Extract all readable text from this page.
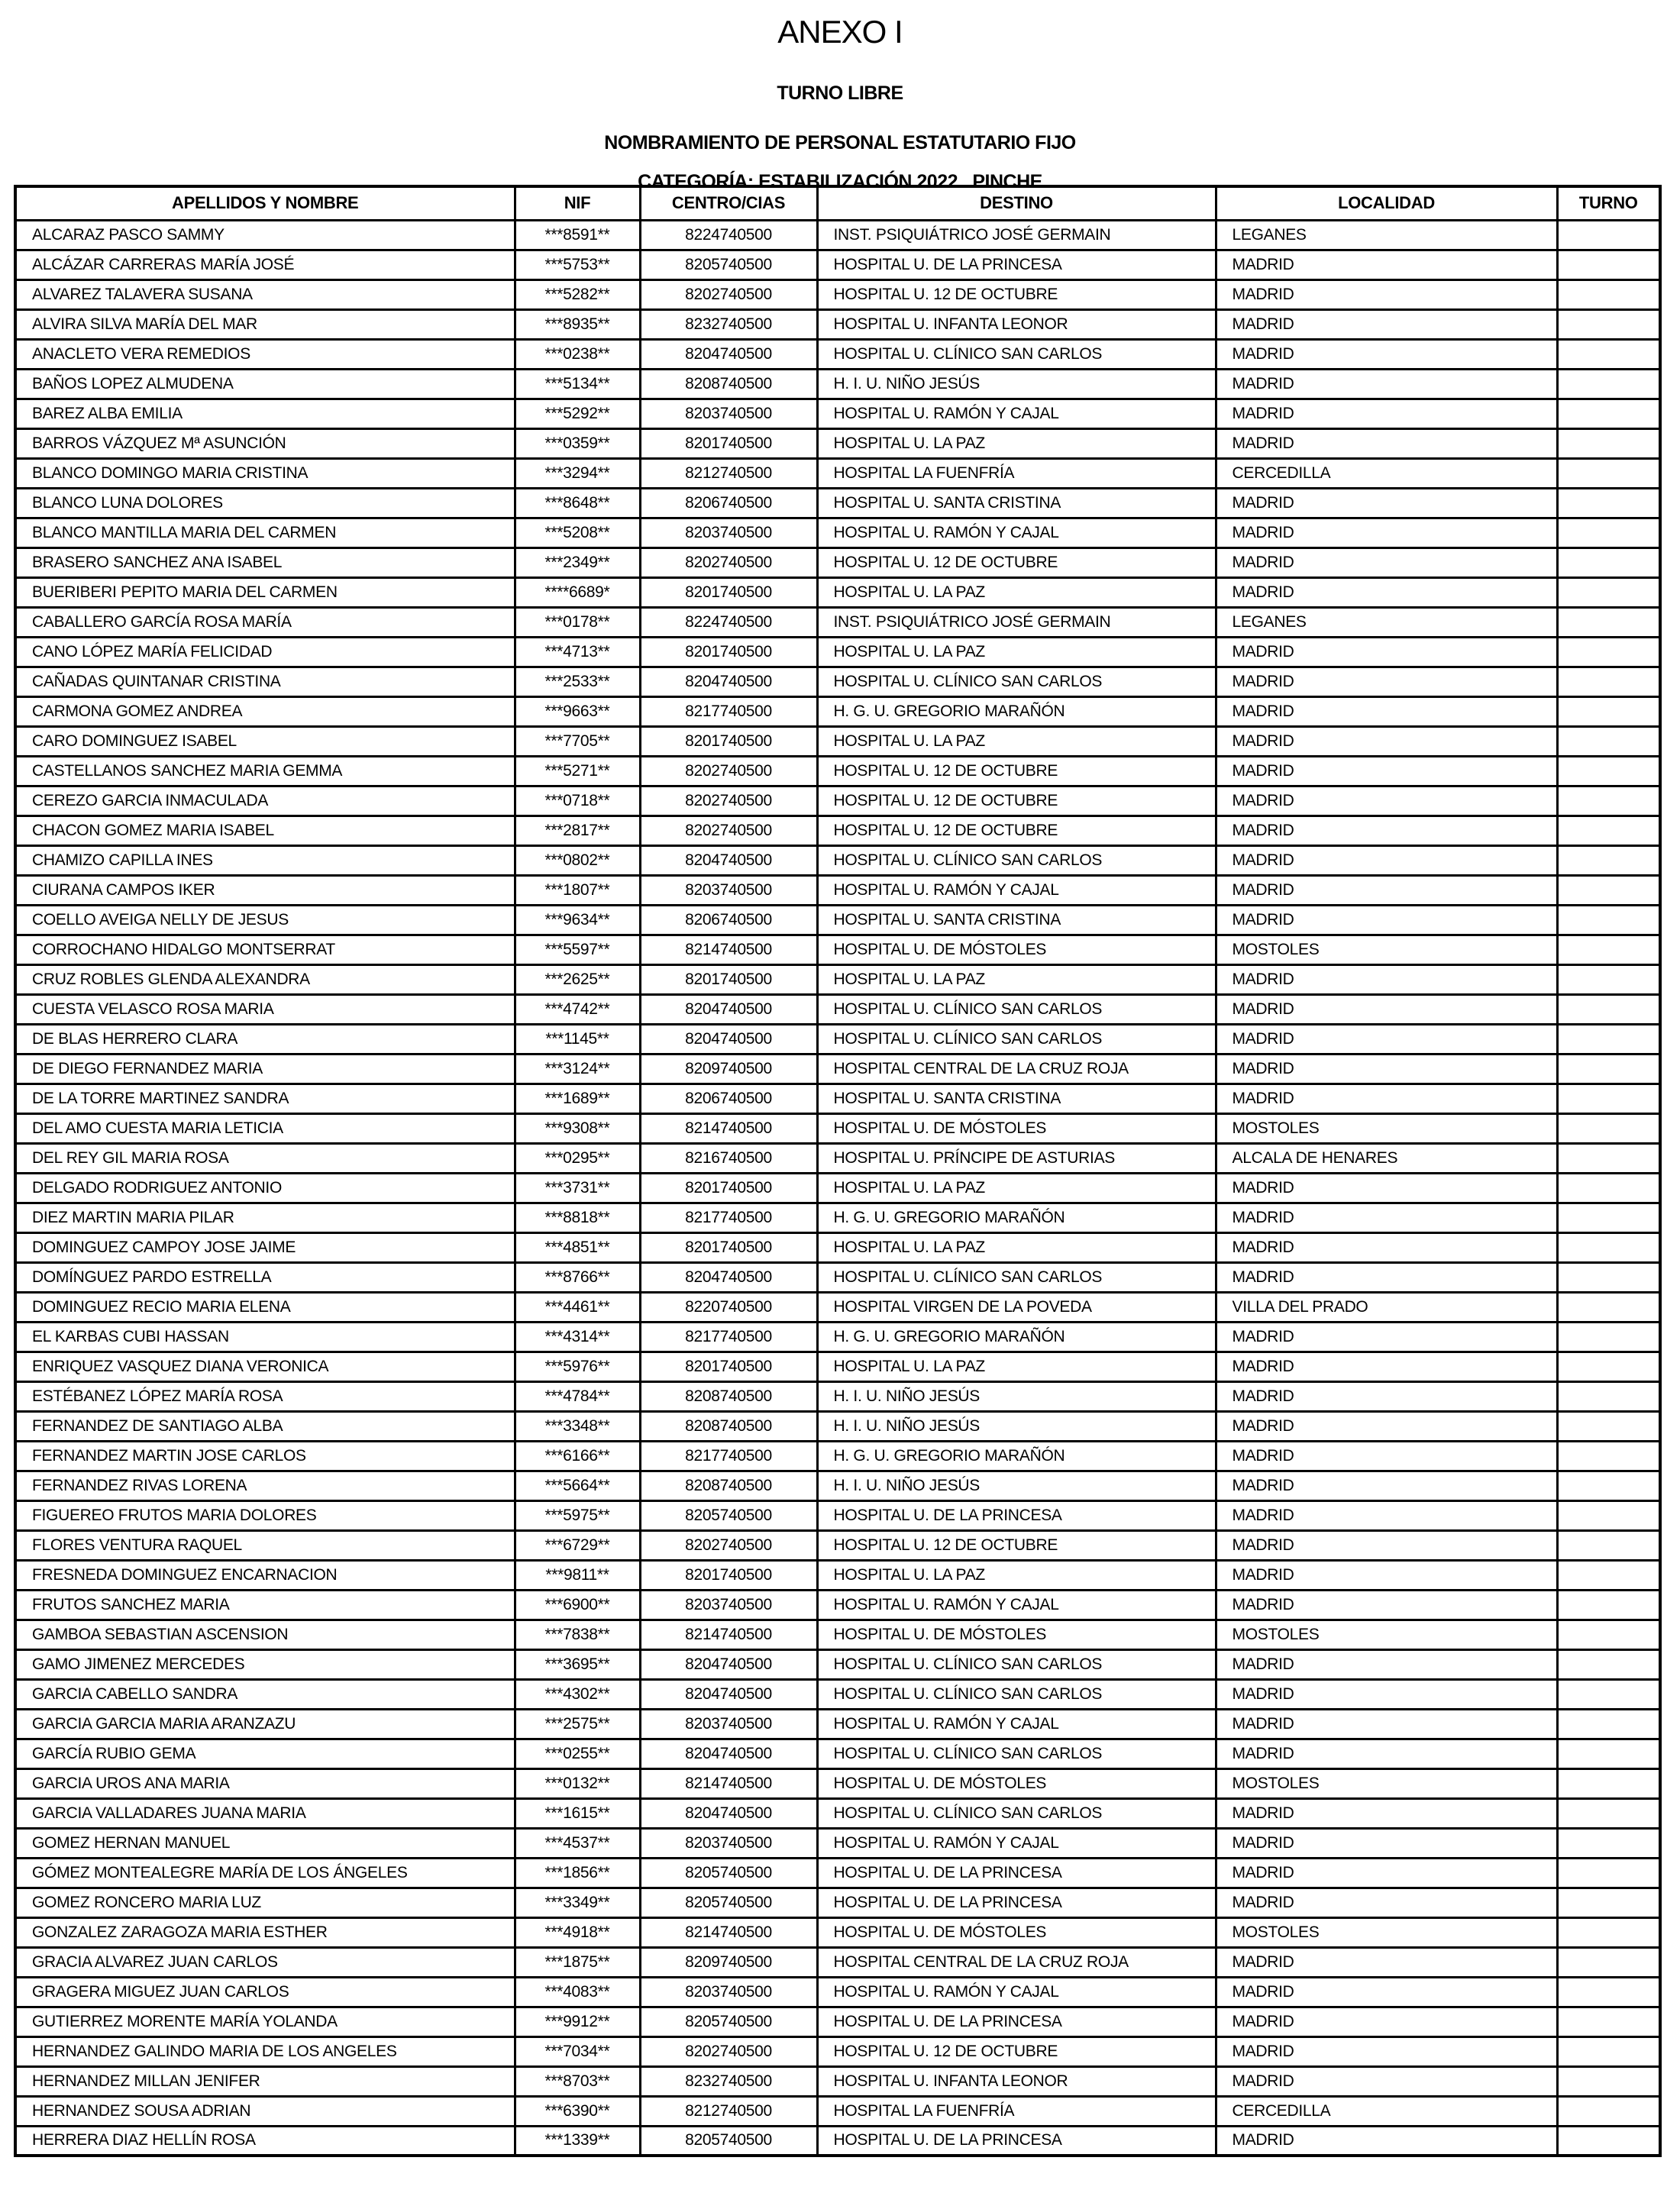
ANEXO I
TURNO LIBRE
NOMBRAMIENTO DE PERSONAL ESTATUTARIO FIJO
CATEGORÍA: ESTABILIZACIÓN 2022   PINCHE
APELLIDOS Y NOMBRE	NIF	CENTRO/CIAS	DESTINO	LOCALIDAD	TURNO
ALCARAZ PASCO SAMMY	***8591**	8224740500	INST. PSIQUIÁTRICO JOSÉ GERMAIN	LEGANES	
ALCÁZAR CARRERAS MARÍA JOSÉ	***5753**	8205740500	HOSPITAL U. DE LA PRINCESA	MADRID	
ALVAREZ TALAVERA SUSANA	***5282**	8202740500	HOSPITAL U. 12 DE OCTUBRE	MADRID	
ALVIRA SILVA MARÍA DEL MAR	***8935**	8232740500	HOSPITAL U. INFANTA LEONOR	MADRID	
ANACLETO VERA REMEDIOS	***0238**	8204740500	HOSPITAL U. CLÍNICO SAN CARLOS	MADRID	
BAÑOS LOPEZ ALMUDENA	***5134**	8208740500	H. I. U. NIÑO JESÚS	MADRID	
BAREZ ALBA EMILIA	***5292**	8203740500	HOSPITAL U. RAMÓN Y CAJAL	MADRID	
BARROS VÁZQUEZ Mª ASUNCIÓN	***0359**	8201740500	HOSPITAL U. LA PAZ	MADRID	
BLANCO DOMINGO MARIA CRISTINA	***3294**	8212740500	HOSPITAL LA FUENFRÍA	CERCEDILLA	
BLANCO LUNA DOLORES	***8648**	8206740500	HOSPITAL U. SANTA CRISTINA	MADRID	
BLANCO MANTILLA MARIA DEL CARMEN	***5208**	8203740500	HOSPITAL U. RAMÓN Y CAJAL	MADRID	
BRASERO SANCHEZ ANA ISABEL	***2349**	8202740500	HOSPITAL U. 12 DE OCTUBRE	MADRID	
BUERIBERI PEPITO MARIA DEL CARMEN	****6689*	8201740500	HOSPITAL U. LA PAZ	MADRID	
CABALLERO GARCÍA ROSA MARÍA	***0178**	8224740500	INST. PSIQUIÁTRICO JOSÉ GERMAIN	LEGANES	
CANO LÓPEZ MARÍA FELICIDAD	***4713**	8201740500	HOSPITAL U. LA PAZ	MADRID	
CAÑADAS QUINTANAR CRISTINA	***2533**	8204740500	HOSPITAL U. CLÍNICO SAN CARLOS	MADRID	
CARMONA GOMEZ ANDREA	***9663**	8217740500	H. G. U. GREGORIO MARAÑÓN	MADRID	
CARO DOMINGUEZ ISABEL	***7705**	8201740500	HOSPITAL U. LA PAZ	MADRID	
CASTELLANOS SANCHEZ MARIA GEMMA	***5271**	8202740500	HOSPITAL U. 12 DE OCTUBRE	MADRID	
CEREZO GARCIA INMACULADA	***0718**	8202740500	HOSPITAL U. 12 DE OCTUBRE	MADRID	
CHACON GOMEZ MARIA ISABEL	***2817**	8202740500	HOSPITAL U. 12 DE OCTUBRE	MADRID	
CHAMIZO CAPILLA INES	***0802**	8204740500	HOSPITAL U. CLÍNICO SAN CARLOS	MADRID	
CIURANA CAMPOS IKER	***1807**	8203740500	HOSPITAL U. RAMÓN Y CAJAL	MADRID	
COELLO AVEIGA NELLY DE JESUS	***9634**	8206740500	HOSPITAL U. SANTA CRISTINA	MADRID	
CORROCHANO HIDALGO MONTSERRAT	***5597**	8214740500	HOSPITAL U. DE MÓSTOLES	MOSTOLES	
CRUZ ROBLES GLENDA ALEXANDRA	***2625**	8201740500	HOSPITAL U. LA PAZ	MADRID	
CUESTA VELASCO ROSA MARIA	***4742**	8204740500	HOSPITAL U. CLÍNICO SAN CARLOS	MADRID	
DE BLAS HERRERO CLARA	***1145**	8204740500	HOSPITAL U. CLÍNICO SAN CARLOS	MADRID	
DE DIEGO FERNANDEZ MARIA	***3124**	8209740500	HOSPITAL CENTRAL DE LA CRUZ ROJA	MADRID	
DE LA TORRE MARTINEZ SANDRA	***1689**	8206740500	HOSPITAL U. SANTA CRISTINA	MADRID	
DEL AMO CUESTA MARIA LETICIA	***9308**	8214740500	HOSPITAL U. DE MÓSTOLES	MOSTOLES	
DEL REY GIL MARIA ROSA	***0295**	8216740500	HOSPITAL U. PRÍNCIPE DE ASTURIAS	ALCALA DE HENARES	
DELGADO RODRIGUEZ ANTONIO	***3731**	8201740500	HOSPITAL U. LA PAZ	MADRID	
DIEZ MARTIN MARIA PILAR	***8818**	8217740500	H. G. U. GREGORIO MARAÑÓN	MADRID	
DOMINGUEZ CAMPOY JOSE JAIME	***4851**	8201740500	HOSPITAL U. LA PAZ	MADRID	
DOMÍNGUEZ PARDO ESTRELLA	***8766**	8204740500	HOSPITAL U. CLÍNICO SAN CARLOS	MADRID	
DOMINGUEZ RECIO MARIA ELENA	***4461**	8220740500	HOSPITAL VIRGEN DE LA POVEDA	VILLA DEL PRADO	
EL KARBAS CUBI HASSAN	***4314**	8217740500	H. G. U. GREGORIO MARAÑÓN	MADRID	
ENRIQUEZ VASQUEZ DIANA VERONICA	***5976**	8201740500	HOSPITAL U. LA PAZ	MADRID	
ESTÉBANEZ LÓPEZ MARÍA ROSA	***4784**	8208740500	H. I. U. NIÑO JESÚS	MADRID	
FERNANDEZ DE SANTIAGO ALBA	***3348**	8208740500	H. I. U. NIÑO JESÚS	MADRID	
FERNANDEZ MARTIN JOSE CARLOS	***6166**	8217740500	H. G. U. GREGORIO MARAÑÓN	MADRID	
FERNANDEZ RIVAS LORENA	***5664**	8208740500	H. I. U. NIÑO JESÚS	MADRID	
FIGUEREO FRUTOS MARIA DOLORES	***5975**	8205740500	HOSPITAL U. DE LA PRINCESA	MADRID	
FLORES VENTURA RAQUEL	***6729**	8202740500	HOSPITAL U. 12 DE OCTUBRE	MADRID	
FRESNEDA DOMINGUEZ ENCARNACION	***9811**	8201740500	HOSPITAL U. LA PAZ	MADRID	
FRUTOS SANCHEZ MARIA	***6900**	8203740500	HOSPITAL U. RAMÓN Y CAJAL	MADRID	
GAMBOA SEBASTIAN ASCENSION	***7838**	8214740500	HOSPITAL U. DE MÓSTOLES	MOSTOLES	
GAMO JIMENEZ MERCEDES	***3695**	8204740500	HOSPITAL U. CLÍNICO SAN CARLOS	MADRID	
GARCIA CABELLO SANDRA	***4302**	8204740500	HOSPITAL U. CLÍNICO SAN CARLOS	MADRID	
GARCIA GARCIA MARIA ARANZAZU	***2575**	8203740500	HOSPITAL U. RAMÓN Y CAJAL	MADRID	
GARCÍA RUBIO GEMA	***0255**	8204740500	HOSPITAL U. CLÍNICO SAN CARLOS	MADRID	
GARCIA UROS ANA MARIA	***0132**	8214740500	HOSPITAL U. DE MÓSTOLES	MOSTOLES	
GARCIA VALLADARES JUANA MARIA	***1615**	8204740500	HOSPITAL U. CLÍNICO SAN CARLOS	MADRID	
GOMEZ HERNAN MANUEL	***4537**	8203740500	HOSPITAL U. RAMÓN Y CAJAL	MADRID	
GÓMEZ MONTEALEGRE MARÍA DE LOS ÁNGELES	***1856**	8205740500	HOSPITAL U. DE LA PRINCESA	MADRID	
GOMEZ RONCERO MARIA LUZ	***3349**	8205740500	HOSPITAL U. DE LA PRINCESA	MADRID	
GONZALEZ ZARAGOZA MARIA ESTHER	***4918**	8214740500	HOSPITAL U. DE MÓSTOLES	MOSTOLES	
GRACIA ALVAREZ JUAN CARLOS	***1875**	8209740500	HOSPITAL CENTRAL DE LA CRUZ ROJA	MADRID	
GRAGERA MIGUEZ JUAN CARLOS	***4083**	8203740500	HOSPITAL U. RAMÓN Y CAJAL	MADRID	
GUTIERREZ MORENTE MARÍA YOLANDA	***9912**	8205740500	HOSPITAL U. DE LA PRINCESA	MADRID	
HERNANDEZ GALINDO MARIA DE LOS ANGELES	***7034**	8202740500	HOSPITAL U. 12 DE OCTUBRE	MADRID	
HERNANDEZ MILLAN JENIFER	***8703**	8232740500	HOSPITAL U. INFANTA LEONOR	MADRID	
HERNANDEZ SOUSA ADRIAN	***6390**	8212740500	HOSPITAL LA FUENFRÍA	CERCEDILLA	
HERRERA DIAZ HELLÍN ROSA	***1339**	8205740500	HOSPITAL U. DE LA PRINCESA	MADRID	
